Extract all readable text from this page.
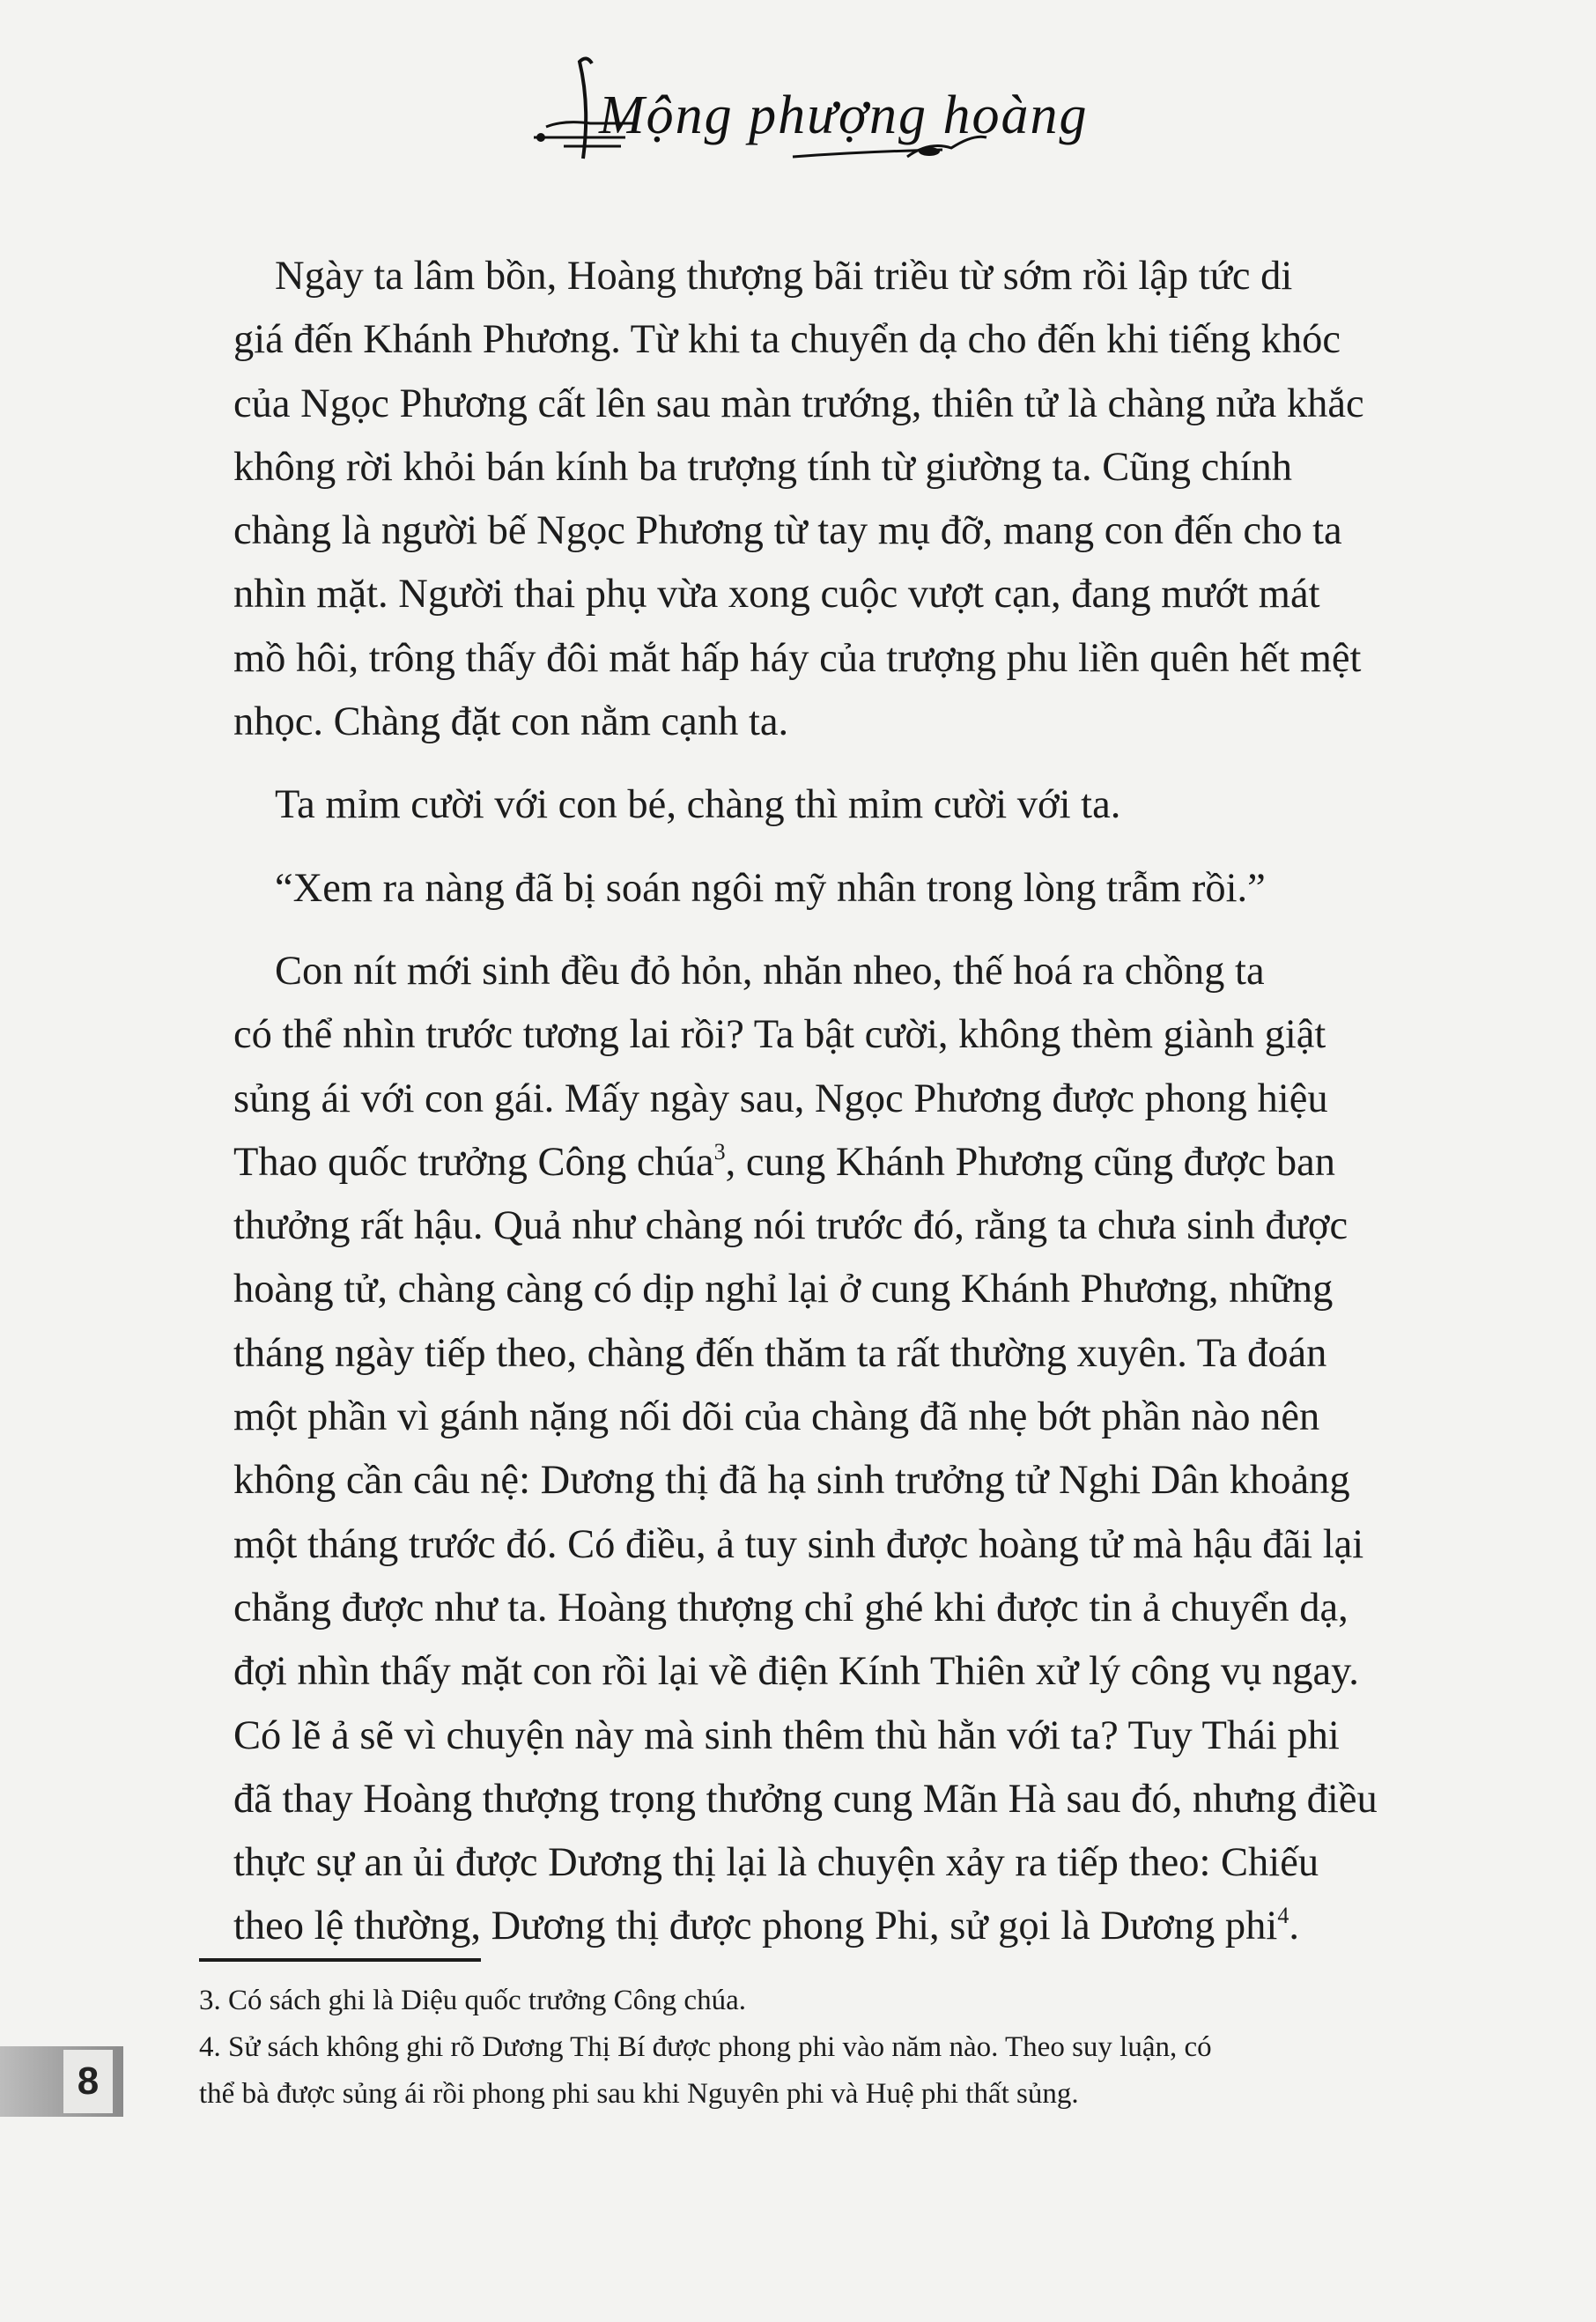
Mộng phượng hoàng

Ngày ta lâm bồn, Hoàng thượng bãi triều từ sớm rồi lập tức di
giá đến Khánh Phương. Từ khi ta chuyển dạ cho đến khi tiếng khóc
của Ngọc Phương cất lên sau màn trướng, thiên tử là chàng nửa khắc
không rời khỏi bán kính ba trượng tính từ giường ta. Cũng chính
chàng là người bế Ngọc Phương từ tay mụ đỡ, mang con đến cho ta
nhìn mặt. Người thai phụ vừa xong cuộc vượt cạn, đang mướt mát
mồ hôi, trông thấy đôi mắt hấp háy của trượng phu liền quên hết mệt
nhọc. Chàng đặt con nằm cạnh ta.

Ta mỉm cười với con bé, chàng thì mỉm cười với ta.

“Xem ra nàng đã bị soán ngôi mỹ nhân trong lòng trẫm rồi.”

Con nít mới sinh đều đỏ hỏn, nhăn nheo, thế hoá ra chồng ta
có thể nhìn trước tương lai rồi? Ta bật cười, không thèm giành giật
sủng ái với con gái. Mấy ngày sau, Ngọc Phương được phong hiệu
Thao quốc trưởng Công chúa$^3$, cung Khánh Phương cũng được ban
thưởng rất hậu. Quả như chàng nói trước đó, rằng ta chưa sinh được
hoàng tử, chàng càng có dịp nghỉ lại ở cung Khánh Phương, những
tháng ngày tiếp theo, chàng đến thăm ta rất thường xuyên. Ta đoán
một phần vì gánh nặng nối dõi của chàng đã nhẹ bớt phần nào nên
không cần câu nệ: Dương thị đã hạ sinh trưởng tử Nghi Dân khoảng
một tháng trước đó. Có điều, ả tuy sinh được hoàng tử mà hậu đãi lại
chẳng được như ta. Hoàng thượng chỉ ghé khi được tin ả chuyển dạ,
đợi nhìn thấy mặt con rồi lại về điện Kính Thiên xử lý công vụ ngay.
Có lẽ ả sẽ vì chuyện này mà sinh thêm thù hằn với ta? Tuy Thái phi
đã thay Hoàng thượng trọng thưởng cung Mãn Hà sau đó, nhưng điều
thực sự an ủi được Dương thị lại là chuyện xảy ra tiếp theo: Chiếu
theo lệ thường, Dương thị được phong Phi, sử gọi là Dương phi$^4$.

3. Có sách ghi là Diệu quốc trưởng Công chúa.
4. Sử sách không ghi rõ Dương Thị Bí được phong phi vào năm nào. Theo suy luận, có
thể bà được sủng ái rồi phong phi sau khi Nguyên phi và Huệ phi thất sủng.
8
